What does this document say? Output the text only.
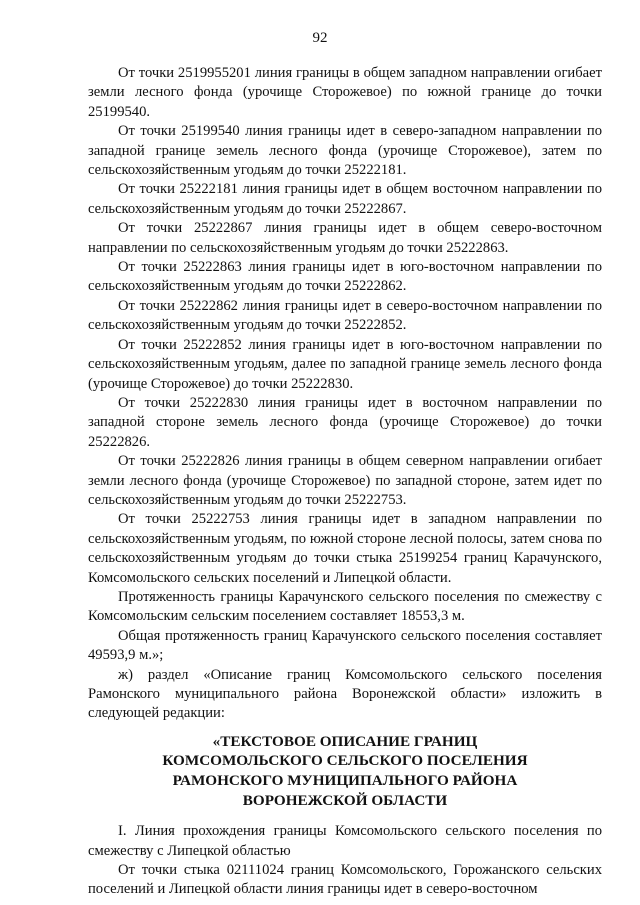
92

От точки 2519955201 линия границы в общем западном направлении огибает земли лесного фонда (урочище Сторожевое) по южной границе до точки 25199540.

От точки 25199540 линия границы идет в северо-западном направлении по западной границе земель лесного фонда (урочище Сторожевое), затем по сельскохозяйственным угодьям до точки 25222181.

От точки 25222181 линия границы идет в общем восточном направлении по сельскохозяйственным угодьям до точки 25222867.

От точки 25222867 линия границы идет в общем северо-восточном направлении по сельскохозяйственным угодьям до точки 25222863.

От точки 25222863 линия границы идет в юго-восточном направлении по сельскохозяйственным угодьям до точки 25222862.

От точки 25222862 линия границы идет в северо-восточном направлении по сельскохозяйственным угодьям до точки 25222852.

От точки 25222852 линия границы идет в юго-восточном направлении по сельскохозяйственным угодьям, далее по западной границе земель лесного фонда (урочище Сторожевое) до точки 25222830.

От точки 25222830 линия границы идет в восточном направлении по западной стороне земель лесного фонда (урочище Сторожевое) до точки 25222826.

От точки 25222826 линия границы в общем северном направлении огибает земли лесного фонда (урочище Сторожевое) по западной стороне, затем идет по сельскохозяйственным угодьям до точки 25222753.

От точки 25222753 линия границы идет в западном направлении по сельскохозяйственным угодьям, по южной стороне лесной полосы, затем снова по сельскохозяйственным угодьям до точки стыка 25199254 границ Карачунского, Комсомольского сельских поселений и Липецкой области.

Протяженность границы Карачунского сельского поселения по смежеству с Комсомольским сельским поселением составляет 18553,3 м.

Общая протяженность границ Карачунского сельского поселения составляет 49593,9 м.»;

ж) раздел «Описание границ Комсомольского сельского поселения Рамонского муниципального района Воронежской области» изложить в следующей редакции:

«ТЕКСТОВОЕ ОПИСАНИЕ ГРАНИЦ
КОМСОМОЛЬСКОГО СЕЛЬСКОГО ПОСЕЛЕНИЯ
РАМОНСКОГО МУНИЦИПАЛЬНОГО РАЙОНА
ВОРОНЕЖСКОЙ ОБЛАСТИ

I. Линия прохождения границы Комсомольского сельского поселения по смежеству с Липецкой областью

От точки стыка 02111024 границ Комсомольского, Горожанского сельских поселений и Липецкой области линия границы идет в северо-восточном
